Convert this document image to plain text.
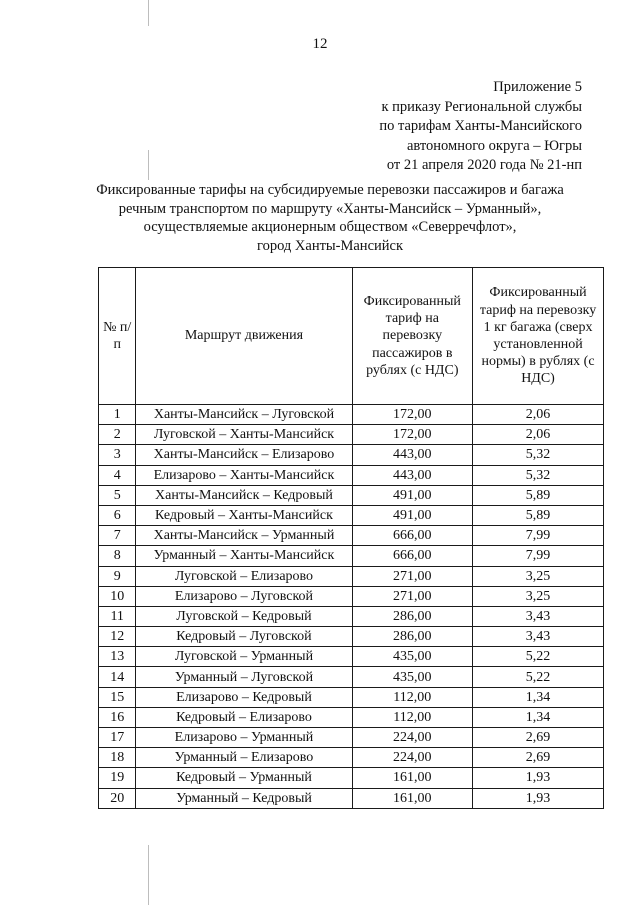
12
Приложение 5
к приказу Региональной службы
по тарифам Ханты-Мансийского
автономного округа – Югры
от 21 апреля 2020 года № 21-нп
Фиксированные тарифы на субсидируемые перевозки пассажиров и багажа
речным транспортом по маршруту «Ханты-Мансийск – Урманный»,
осуществляемые акционерным обществом «Северречфлот»,
город Ханты-Мансийск
№ п/п	Маршрут движения	Фиксированный тариф на перевозку пассажиров в рублях (с НДС)	Фиксированный тариф на перевозку 1 кг багажа (сверх установленной нормы) в рублях (с НДС)
1	Ханты-Мансийск – Луговской	172,00	2,06
2	Луговской – Ханты-Мансийск	172,00	2,06
3	Ханты-Мансийск – Елизарово	443,00	5,32
4	Елизарово – Ханты-Мансийск	443,00	5,32
5	Ханты-Мансийск – Кедровый	491,00	5,89
6	Кедровый – Ханты-Мансийск	491,00	5,89
7	Ханты-Мансийск – Урманный	666,00	7,99
8	Урманный – Ханты-Мансийск	666,00	7,99
9	Луговской – Елизарово	271,00	3,25
10	Елизарово – Луговской	271,00	3,25
11	Луговской – Кедровый	286,00	3,43
12	Кедровый – Луговской	286,00	3,43
13	Луговской – Урманный	435,00	5,22
14	Урманный – Луговской	435,00	5,22
15	Елизарово – Кедровый	112,00	1,34
16	Кедровый – Елизарово	112,00	1,34
17	Елизарово – Урманный	224,00	2,69
18	Урманный – Елизарово	224,00	2,69
19	Кедровый – Урманный	161,00	1,93
20	Урманный – Кедровый	161,00	1,93
